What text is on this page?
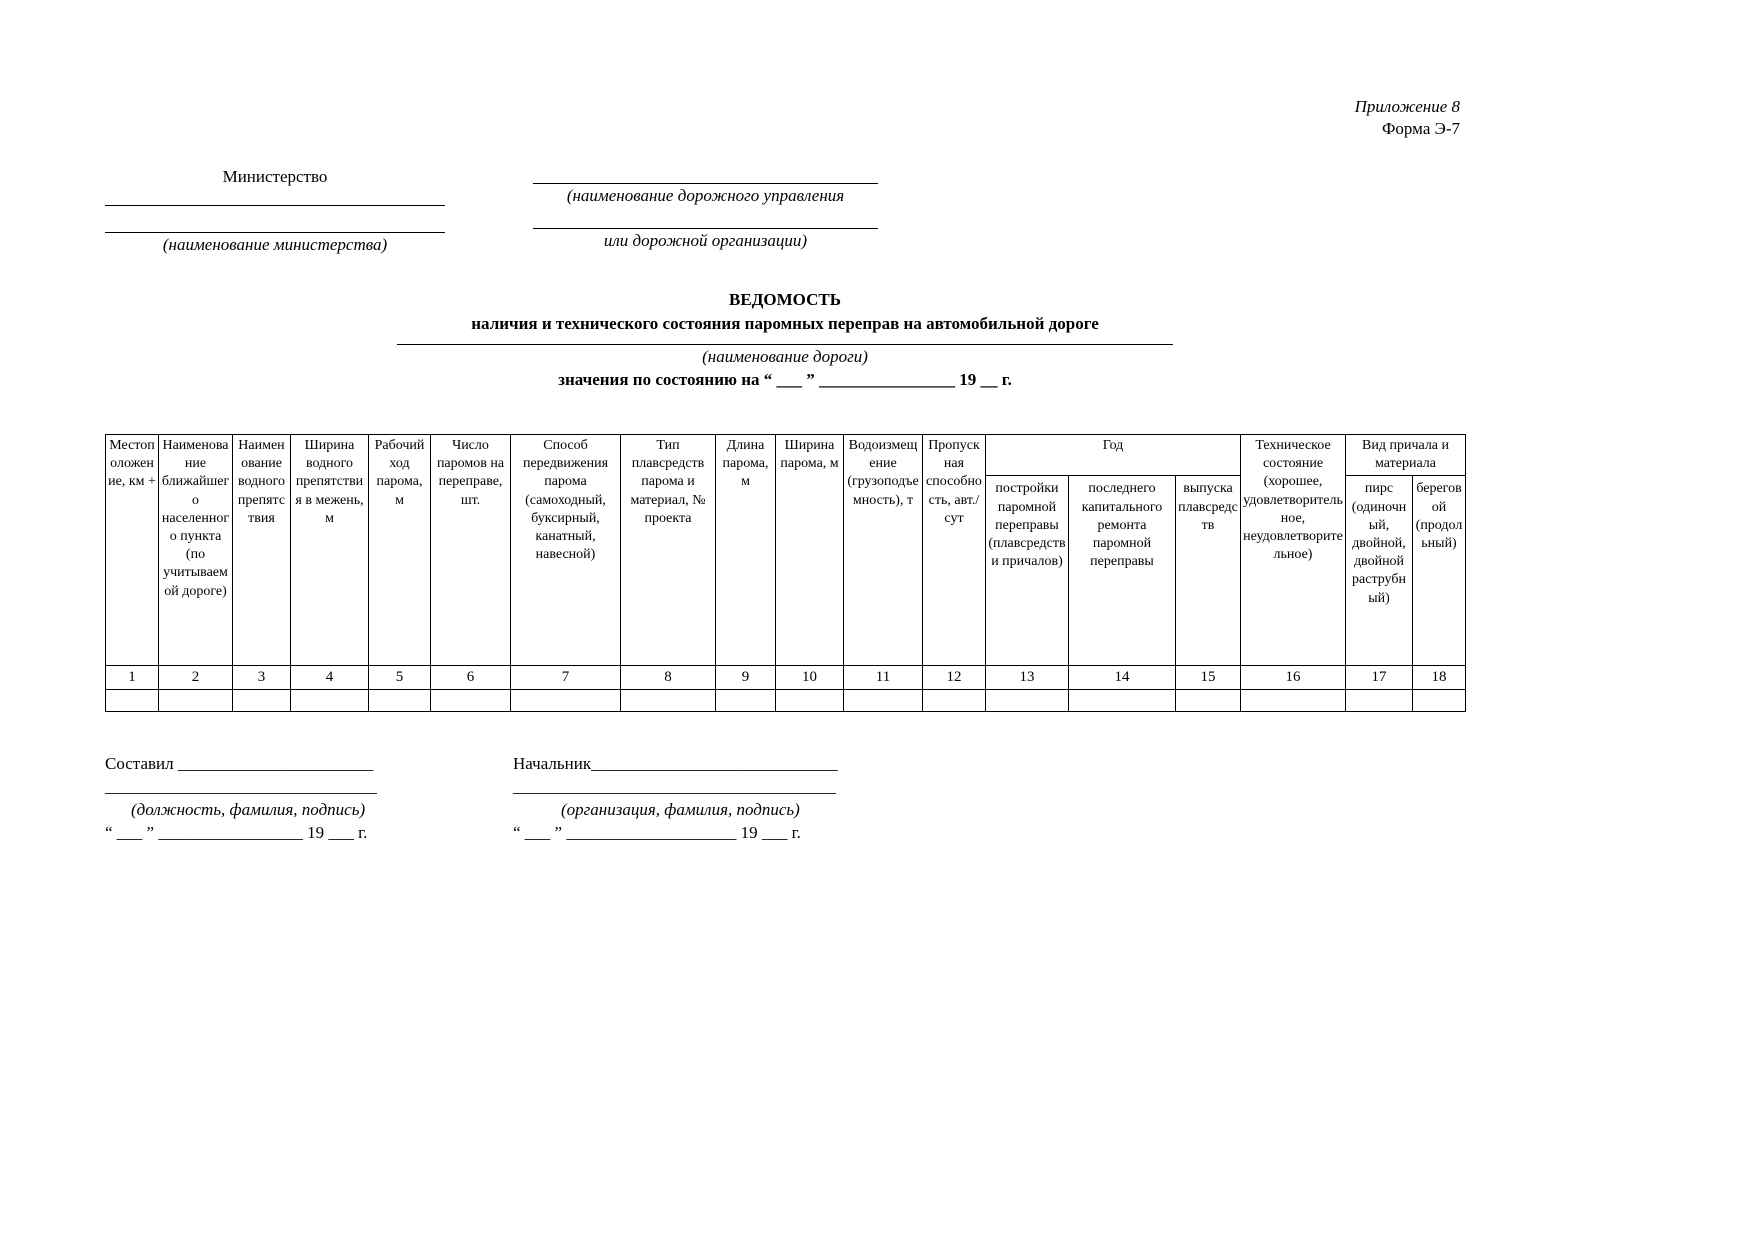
Приложение 8
Форма Э-7
Министерство
(наименование министерства)
(наименование дорожного управления
или дорожной организации)
ВЕДОМОСТЬ
наличия и технического состояния паромных переправ на автомобильной дороге
(наименование дороги)
значения по состоянию на “ ___ ” ________________ 19 __ г.
Местоположение, км +	Наименование ближайшего населенного пункта (по учитываемой дороге)	Наименование водного препятствия	Ширина водного препятствия в межень, м	Рабочий ход парома, м	Число паромов на переправе, шт.	Способ передвижения парома (самоходный, буксирный, канатный, навесной)	Тип плавсредств парома и материал, № проекта	Длина парома, м	Ширина парома, м	Водоизмещение (грузоподъемность), т	Пропускная способность, авт./сут	Год			Техническое состояние (хорошее, удовлетворительное, неудовлетворительное)	Вид причала и материала	
												постройки паромной переправы (плавсредств и причалов)	последнего капитального ремонта паромной переправы	выпуска плавсредств		пирс (одиночный, двойной, двойной раструбный)	береговой (продольный)
1	2	3	4	5	6	7	8	9	10	11	12	13	14	15	16	17	18

Составил _______________________
________________________________
(должность, фамилия, подпись)
“ ___ ” _________________ 19 ___ г.
Начальник_____________________________
______________________________________
(организация, фамилия, подпись)
“ ___ ” ____________________ 19 ___ г.
